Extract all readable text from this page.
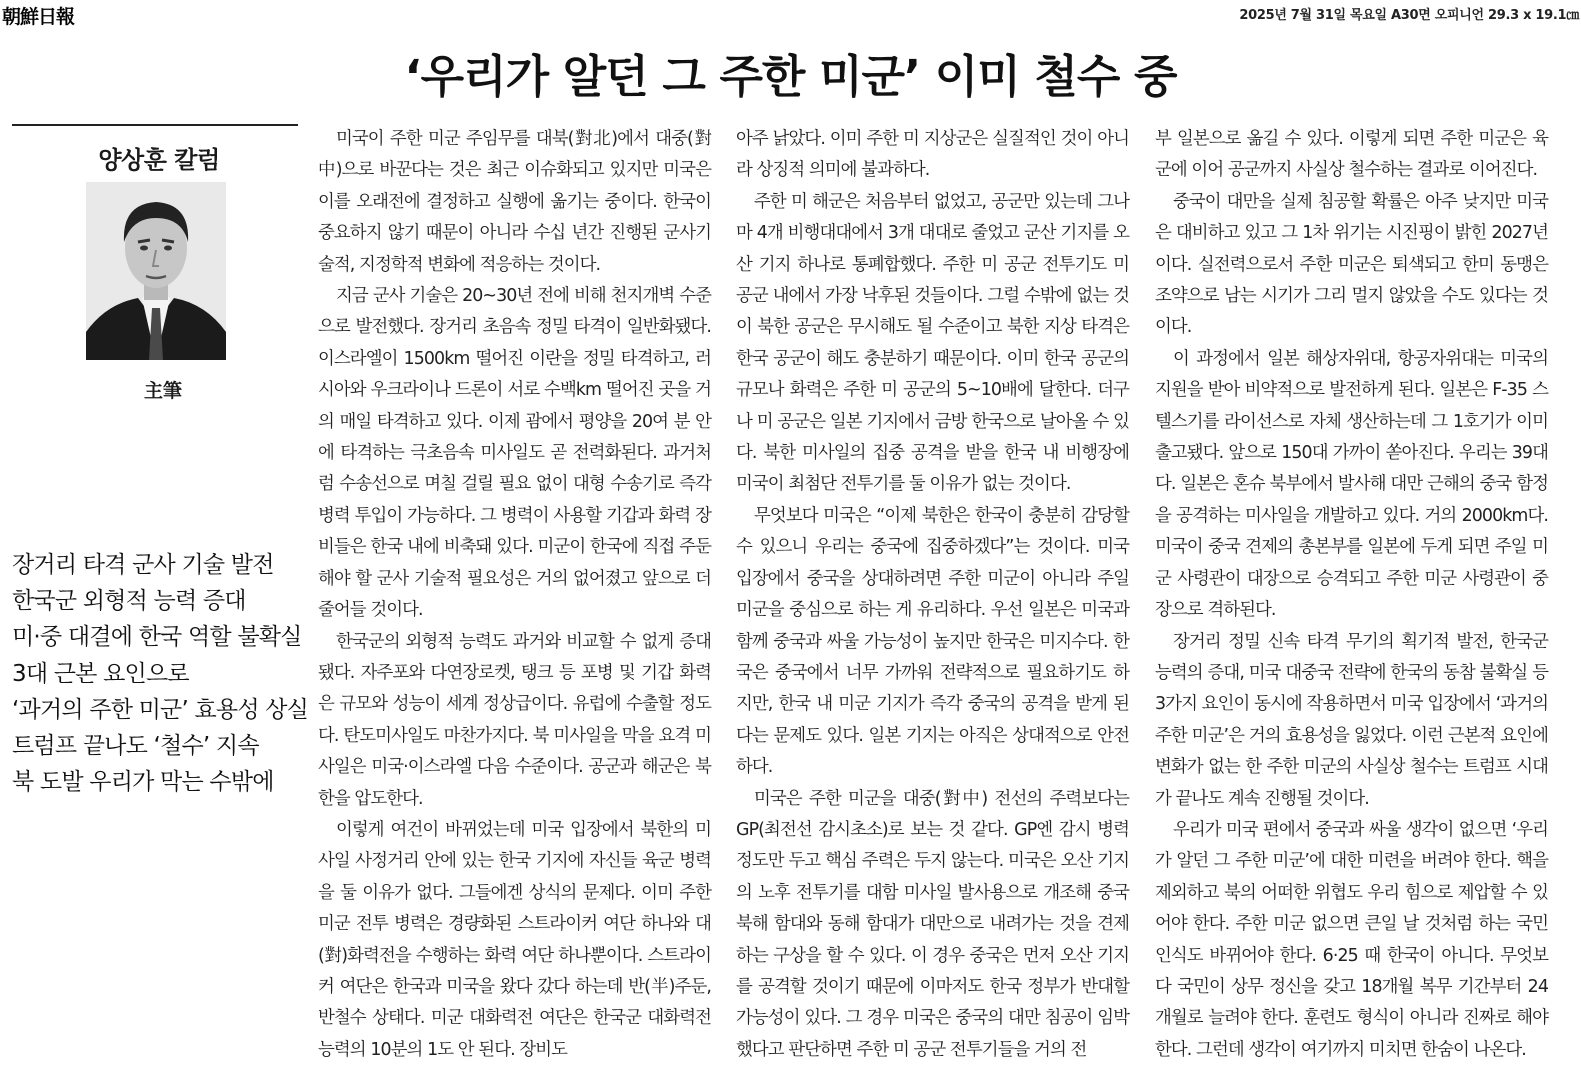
朝鮮日報	2025년 7월 31일 목요일 A30면 오피니언 29.3 x 19.1㎝
‘우리가 알던 그 주한 미군’ 이미 철수 중
양상훈 칼럼
主筆
장거리 타격 군사 기술 발전
한국군 외형적 능력 증대
미·중 대결에 한국 역할 불확실
3대 근본 요인으로
‘과거의 주한 미군’ 효용성 상실
트럼프 끝나도 ‘철수’ 지속
북 도발 우리가 막는 수밖에

미국이 주한 미군 주임무를 대북(對北)에서 대중(對中)으로 바꾼다는 것은 최근 이슈화되고 있지만 미국은 이를 오래전에 결정하고 실행에 옮기는 중이다. 한국이 중요하지 않기 때문이 아니라 수십 년간 진행된 군사기술적, 지정학적 변화에 적응하는 것이다.

지금 군사 기술은 20~30년 전에 비해 천지개벽 수준으로 발전했다. 장거리 초음속 정밀 타격이 일반화됐다. 이스라엘이 1500km 떨어진 이란을 정밀 타격하고, 러시아와 우크라이나 드론이 서로 수백km 떨어진 곳을 거의 매일 타격하고 있다. 이제 괌에서 평양을 20여 분 안에 타격하는 극초음속 미사일도 곧 전력화된다. 과거처럼 수송선으로 며칠 걸릴 필요 없이 대형 수송기로 즉각 병력 투입이 가능하다. 그 병력이 사용할 기갑과 화력 장비들은 한국 내에 비축돼 있다. 미군이 한국에 직접 주둔해야 할 군사 기술적 필요성은 거의 없어졌고 앞으로 더 줄어들 것이다.

한국군의 외형적 능력도 과거와 비교할 수 없게 증대됐다. 자주포와 다연장로켓, 탱크 등 포병 및 기갑 화력은 규모와 성능이 세계 정상급이다. 유럽에 수출할 정도다. 탄도미사일도 마찬가지다. 북 미사일을 막을 요격 미사일은 미국·이스라엘 다음 수준이다. 공군과 해군은 북한을 압도한다.

이렇게 여건이 바뀌었는데 미국 입장에서 북한의 미사일 사정거리 안에 있는 한국 기지에 자신들 육군 병력을 둘 이유가 없다. 그들에겐 상식의 문제다. 이미 주한 미군 전투 병력은 경량화된 스트라이커 여단 하나와 대(對)화력전을 수행하는 화력 여단 하나뿐이다. 스트라이커 여단은 한국과 미국을 왔다 갔다 하는데 반(半)주둔, 반철수 상태다. 미군 대화력전 여단은 한국군 대화력전 능력의 10분의 1도 안 된다. 장비도

아주 낡았다. 이미 주한 미 지상군은 실질적인 것이 아니라 상징적 의미에 불과하다.

주한 미 해군은 처음부터 없었고, 공군만 있는데 그나마 4개 비행대대에서 3개 대대로 줄었고 군산 기지를 오산 기지 하나로 통폐합했다. 주한 미 공군 전투기도 미 공군 내에서 가장 낙후된 것들이다. 그럴 수밖에 없는 것이 북한 공군은 무시해도 될 수준이고 북한 지상 타격은 한국 공군이 해도 충분하기 때문이다. 이미 한국 공군의 규모나 화력은 주한 미 공군의 5~10배에 달한다. 더구나 미 공군은 일본 기지에서 금방 한국으로 날아올 수 있다. 북한 미사일의 집중 공격을 받을 한국 내 비행장에 미국이 최첨단 전투기를 둘 이유가 없는 것이다.

무엇보다 미국은 “이제 북한은 한국이 충분히 감당할 수 있으니 우리는 중국에 집중하겠다”는 것이다. 미국 입장에서 중국을 상대하려면 주한 미군이 아니라 주일 미군을 중심으로 하는 게 유리하다. 우선 일본은 미국과 함께 중국과 싸울 가능성이 높지만 한국은 미지수다. 한국은 중국에서 너무 가까워 전략적으로 필요하기도 하지만, 한국 내 미군 기지가 즉각 중국의 공격을 받게 된다는 문제도 있다. 일본 기지는 아직은 상대적으로 안전하다.

미국은 주한 미군을 대중(對中) 전선의 주력보다는 GP(최전선 감시초소)로 보는 것 같다. GP엔 감시 병력 정도만 두고 핵심 주력은 두지 않는다. 미국은 오산 기지의 노후 전투기를 대함 미사일 발사용으로 개조해 중국 북해 함대와 동해 함대가 대만으로 내려가는 것을 견제하는 구상을 할 수 있다. 이 경우 중국은 먼저 오산 기지를 공격할 것이기 때문에 이마저도 한국 정부가 반대할 가능성이 있다. 그 경우 미국은 중국의 대만 침공이 임박했다고 판단하면 주한 미 공군 전투기들을 거의 전

부 일본으로 옮길 수 있다. 이렇게 되면 주한 미군은 육군에 이어 공군까지 사실상 철수하는 결과로 이어진다.

중국이 대만을 실제 침공할 확률은 아주 낮지만 미국은 대비하고 있고 그 1차 위기는 시진핑이 밝힌 2027년이다. 실전력으로서 주한 미군은 퇴색되고 한미 동맹은 조약으로 남는 시기가 그리 멀지 않았을 수도 있다는 것이다.

이 과정에서 일본 해상자위대, 항공자위대는 미국의 지원을 받아 비약적으로 발전하게 된다. 일본은 F-35 스텔스기를 라이선스로 자체 생산하는데 그 1호기가 이미 출고됐다. 앞으로 150대 가까이 쏟아진다. 우리는 39대다. 일본은 혼슈 북부에서 발사해 대만 근해의 중국 함정을 공격하는 미사일을 개발하고 있다. 거의 2000km다. 미국이 중국 견제의 총본부를 일본에 두게 되면 주일 미군 사령관이 대장으로 승격되고 주한 미군 사령관이 중장으로 격하된다.

장거리 정밀 신속 타격 무기의 획기적 발전, 한국군 능력의 증대, 미국 대중국 전략에 한국의 동참 불확실 등 3가지 요인이 동시에 작용하면서 미국 입장에서 ‘과거의 주한 미군’은 거의 효용성을 잃었다. 이런 근본적 요인에 변화가 없는 한 주한 미군의 사실상 철수는 트럼프 시대가 끝나도 계속 진행될 것이다.

우리가 미국 편에서 중국과 싸울 생각이 없으면 ‘우리가 알던 그 주한 미군’에 대한 미련을 버려야 한다. 핵을 제외하고 북의 어떠한 위협도 우리 힘으로 제압할 수 있어야 한다. 주한 미군 없으면 큰일 날 것처럼 하는 국민 인식도 바뀌어야 한다. 6·25 때 한국이 아니다. 무엇보다 국민이 상무 정신을 갖고 18개월 복무 기간부터 24개월로 늘려야 한다. 훈련도 형식이 아니라 진짜로 해야 한다. 그런데 생각이 여기까지 미치면 한숨이 나온다.
